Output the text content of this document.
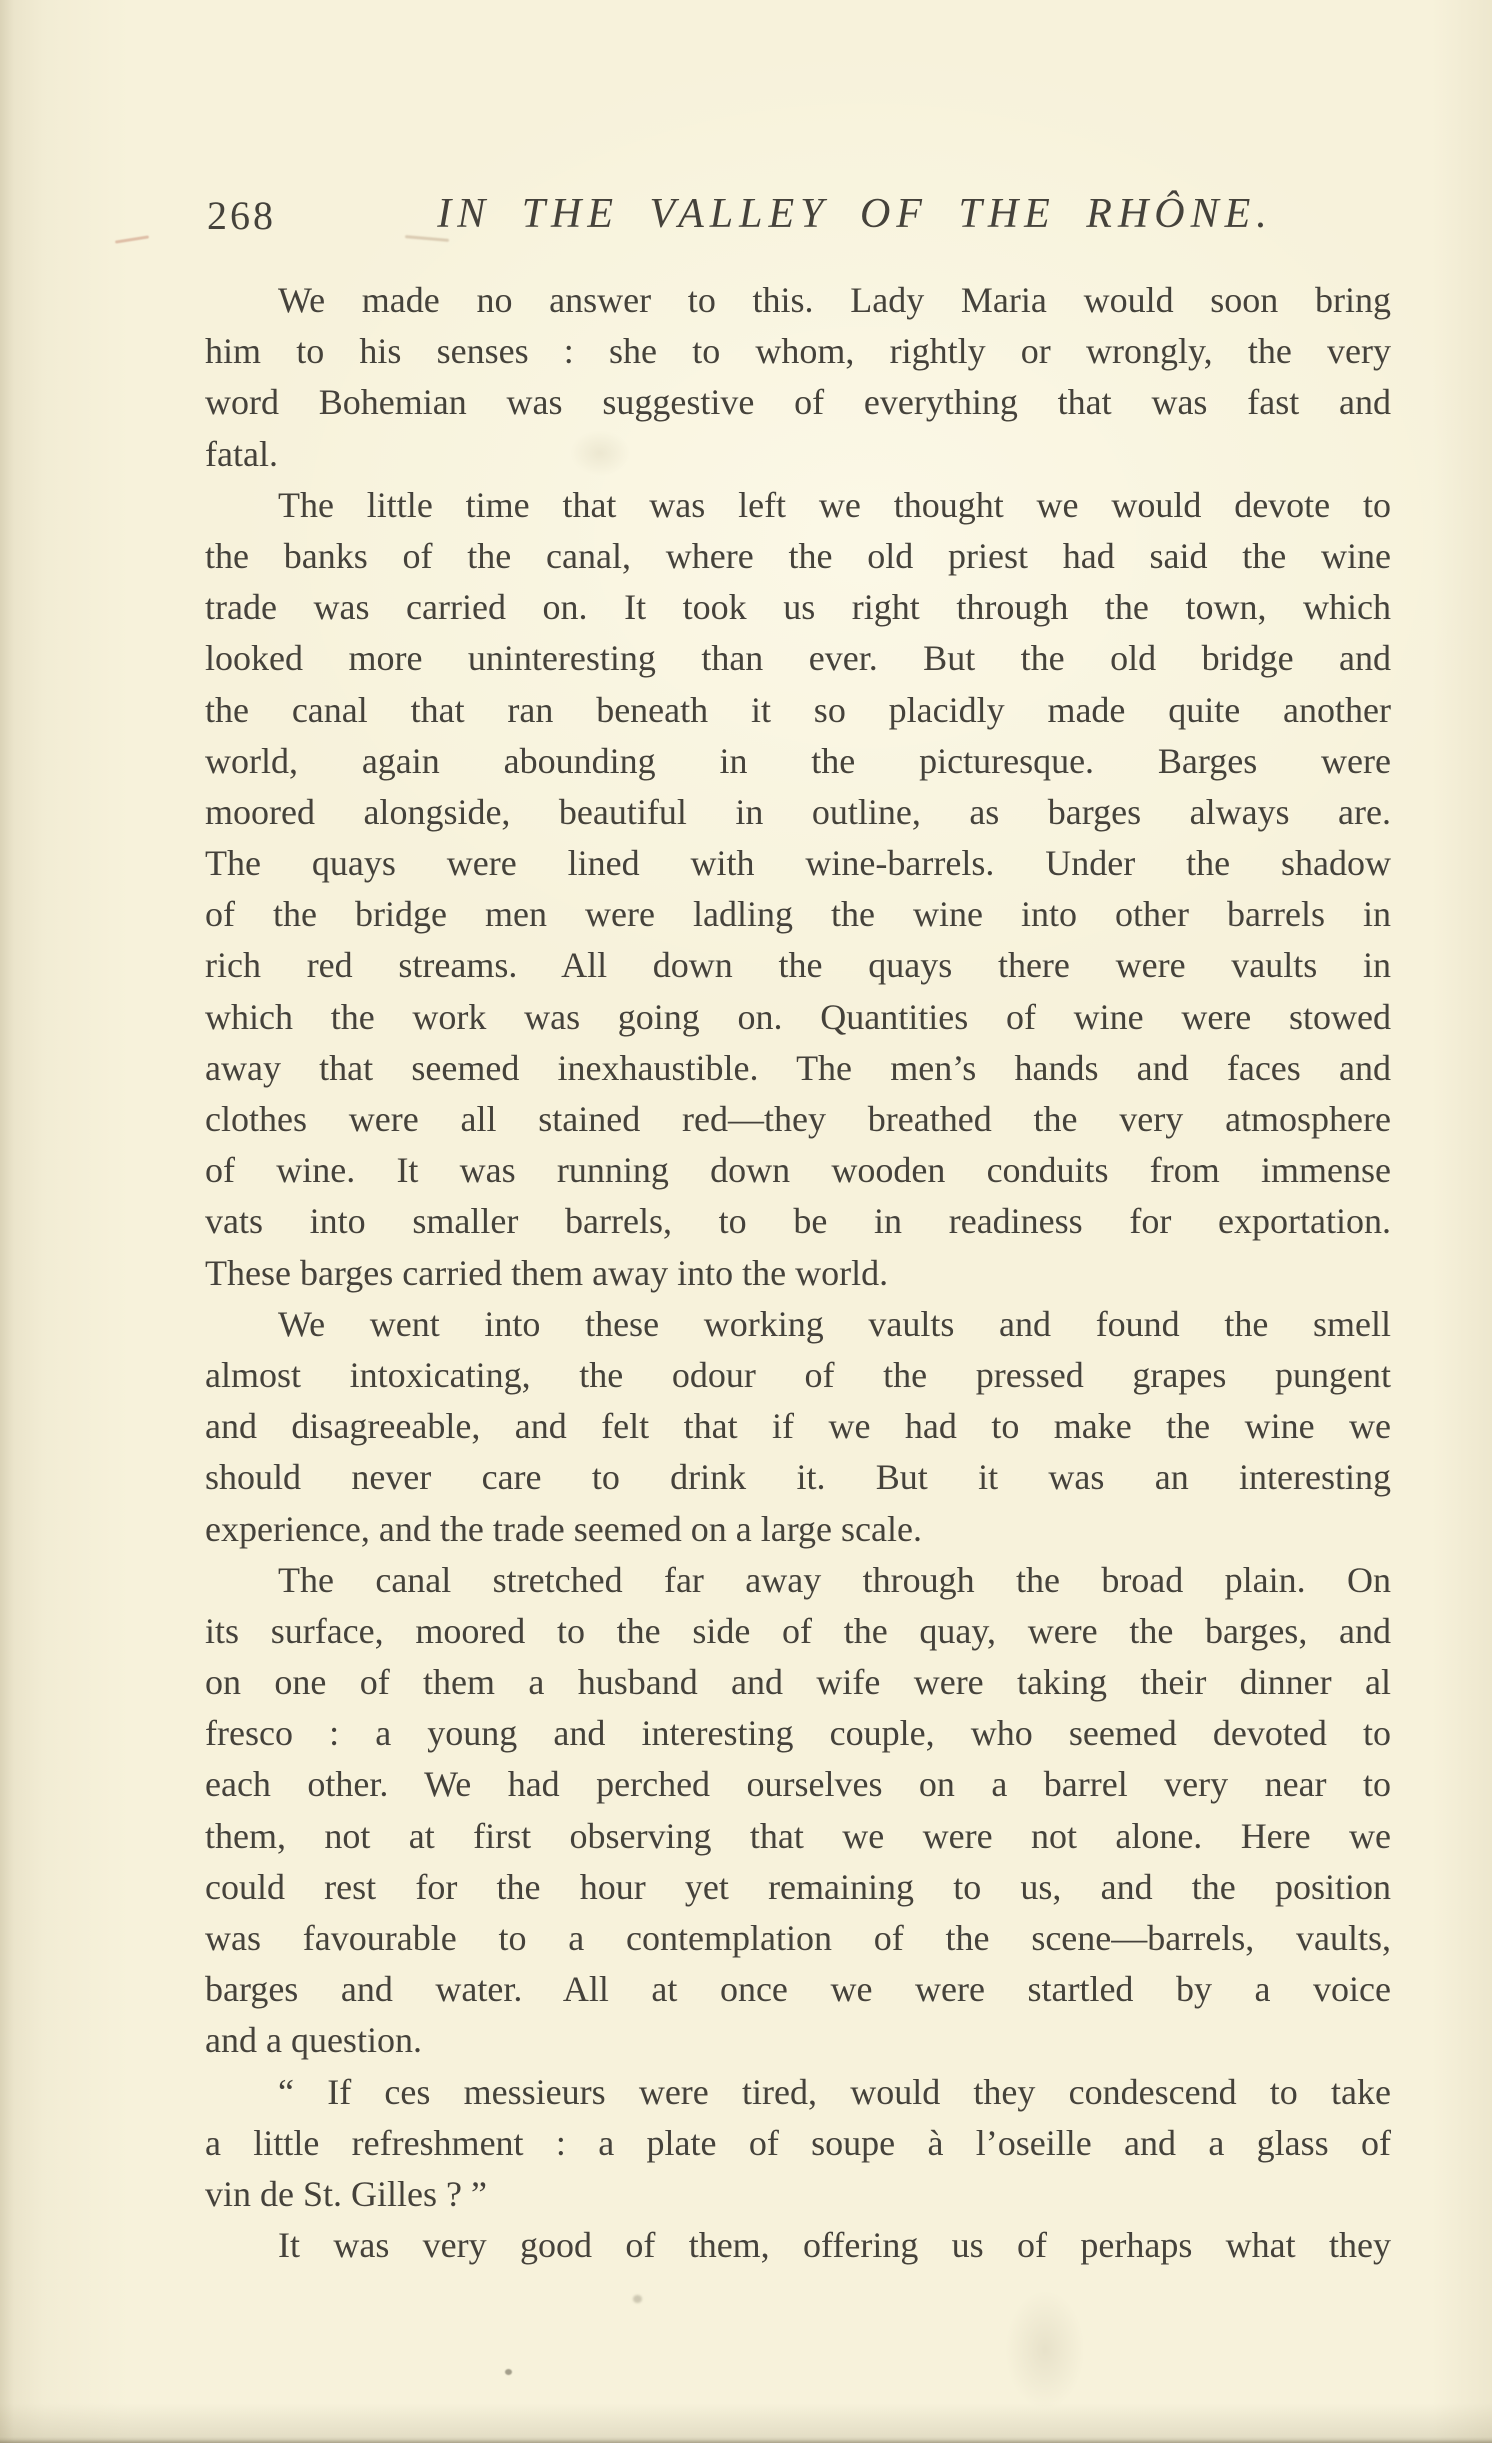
268	IN THE VALLEY OF THE RHÔNE.
We made no answer to this. Lady Maria would soon bring
him to his senses : she to whom, rightly or wrongly, the very
word Bohemian was suggestive of everything that was fast and
fatal.
The little time that was left we thought we would devote to
the banks of the canal, where the old priest had said the wine
trade was carried on. It took us right through the town, which
looked more uninteresting than ever. But the old bridge and
the canal that ran beneath it so placidly made quite another
world, again abounding in the picturesque. Barges were
moored alongside, beautiful in outline, as barges always are.
The quays were lined with wine-barrels. Under the shadow
of the bridge men were ladling the wine into other barrels in
rich red streams. All down the quays there were vaults in
which the work was going on. Quantities of wine were stowed
away that seemed inexhaustible. The men’s hands and faces and
clothes were all stained red—they breathed the very atmosphere
of wine. It was running down wooden conduits from immense
vats into smaller barrels, to be in readiness for exportation.
These barges carried them away into the world.
We went into these working vaults and found the smell
almost intoxicating, the odour of the pressed grapes pungent
and disagreeable, and felt that if we had to make the wine we
should never care to drink it. But it was an interesting
experience, and the trade seemed on a large scale.
The canal stretched far away through the broad plain. On
its surface, moored to the side of the quay, were the barges, and
on one of them a husband and wife were taking their dinner al
fresco : a young and interesting couple, who seemed devoted to
each other. We had perched ourselves on a barrel very near to
them, not at first observing that we were not alone. Here we
could rest for the hour yet remaining to us, and the position
was favourable to a contemplation of the scene—barrels, vaults,
barges and water. All at once we were startled by a voice
and a question.
“ If ces messieurs were tired, would they condescend to take
a little refreshment : a plate of soupe à l’oseille and a glass of
vin de St. Gilles ? ”
It was very good of them, offering us of perhaps what they
